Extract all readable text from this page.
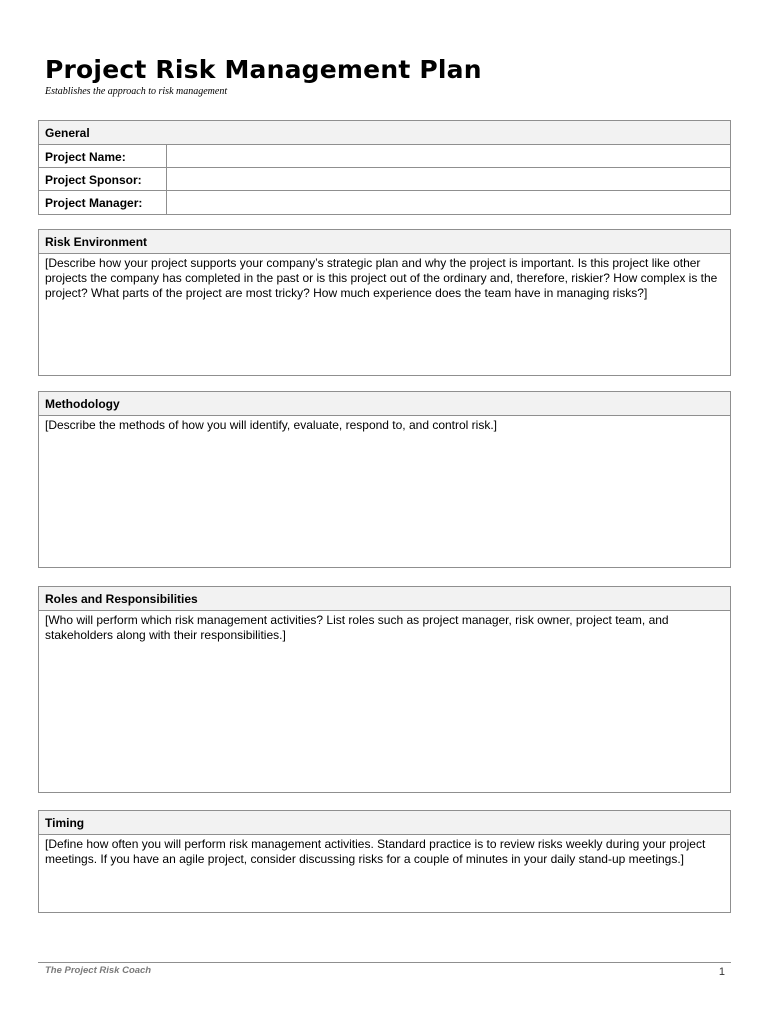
Project Risk Management Plan

Establishes the approach to risk management

General
Project Name:
Project Sponsor:
Project Manager:
Risk Environment
[Describe how your project supports your company’s strategic plan and why the project is important. Is this project like other projects the company has completed in the past or is this project out of the ordinary and, therefore, riskier? How complex is the project? What parts of the project are most tricky? How much experience does the team have in managing risks?]
Methodology
[Describe the methods of how you will identify, evaluate, respond to, and control risk.]
Roles and Responsibilities
[Who will perform which risk management activities? List roles such as project manager, risk owner, project team, and stakeholders along with their responsibilities.]
Timing
[Define how often you will perform risk management activities. Standard practice is to review risks weekly during your project meetings. If you have an agile project, consider discussing risks for a couple of minutes in your daily stand-up meetings.]
The Project Risk Coach	1
